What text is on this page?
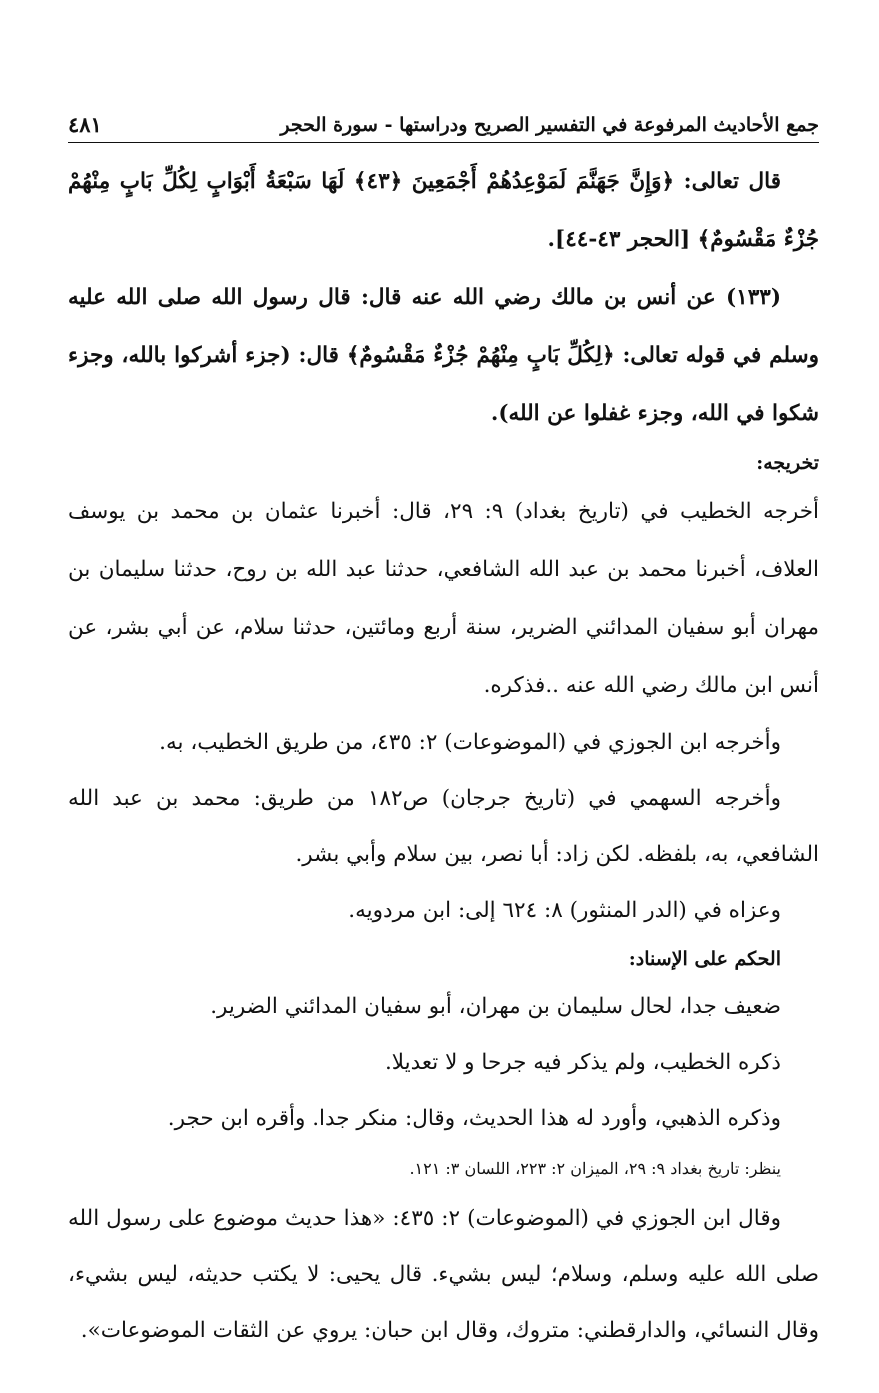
جمع الأحاديث المرفوعة في التفسير الصريح ودراستها - سورة الحجر
٤٨١

قال تعالى: ﴿وَإِنَّ جَهَنَّمَ لَمَوْعِدُهُمْ أَجْمَعِينَ ﴿٤٣﴾ لَهَا سَبْعَةُ أَبْوَابٍ لِكُلِّ بَابٍ مِنْهُمْ جُزْءٌ مَقْسُومٌ﴾ [الحجر ٤٣-٤٤].

(١٣٣) عن أنس بن مالك رضي الله عنه قال: قال رسول الله صلى الله عليه وسلم في قوله تعالى: ﴿لِكُلِّ بَابٍ مِنْهُمْ جُزْءٌ مَقْسُومٌ﴾ قال: (جزء أشركوا بالله، وجزء شكوا في الله، وجزء غفلوا عن الله).

تخريجه:

أخرجه الخطيب في (تاريخ بغداد) ٩: ٢٩، قال: أخبرنا عثمان بن محمد بن يوسف العلاف، أخبرنا محمد بن عبد الله الشافعي، حدثنا عبد الله بن روح، حدثنا سليمان بن مهران أبو سفيان المدائني الضرير، سنة أربع ومائتين، حدثنا سلام، عن أبي بشر، عن أنس ابن مالك رضي الله عنه ..فذكره.

وأخرجه ابن الجوزي في (الموضوعات) ٢: ٤٣٥، من طريق الخطيب، به.

وأخرجه السهمي في (تاريخ جرجان) ص١٨٢ من طريق: محمد بن عبد الله الشافعي، به، بلفظه. لكن زاد: أبا نصر، بين سلام وأبي بشر.

وعزاه في (الدر المنثور) ٨: ٦٢٤ إلى: ابن مردويه.

الحكم على الإسناد:

ضعيف جدا، لحال سليمان بن مهران، أبو سفيان المدائني الضرير.

ذكره الخطيب، ولم يذكر فيه جرحا و لا تعديلا.

وذكره الذهبي، وأورد له هذا الحديث، وقال: منكر جدا. وأقره ابن حجر.

ينظر: تاريخ بغداد ٩: ٢٩، الميزان ٢: ٢٢٣، اللسان ٣: ١٢١.

وقال ابن الجوزي في (الموضوعات) ٢: ٤٣٥: «هذا حديث موضوع على رسول الله صلى الله عليه وسلم، وسلام؛ ليس بشيء. قال يحيى: لا يكتب حديثه، ليس بشيء، وقال النسائي، والدارقطني: متروك، وقال ابن حبان: يروي عن الثقات الموضوعات».
